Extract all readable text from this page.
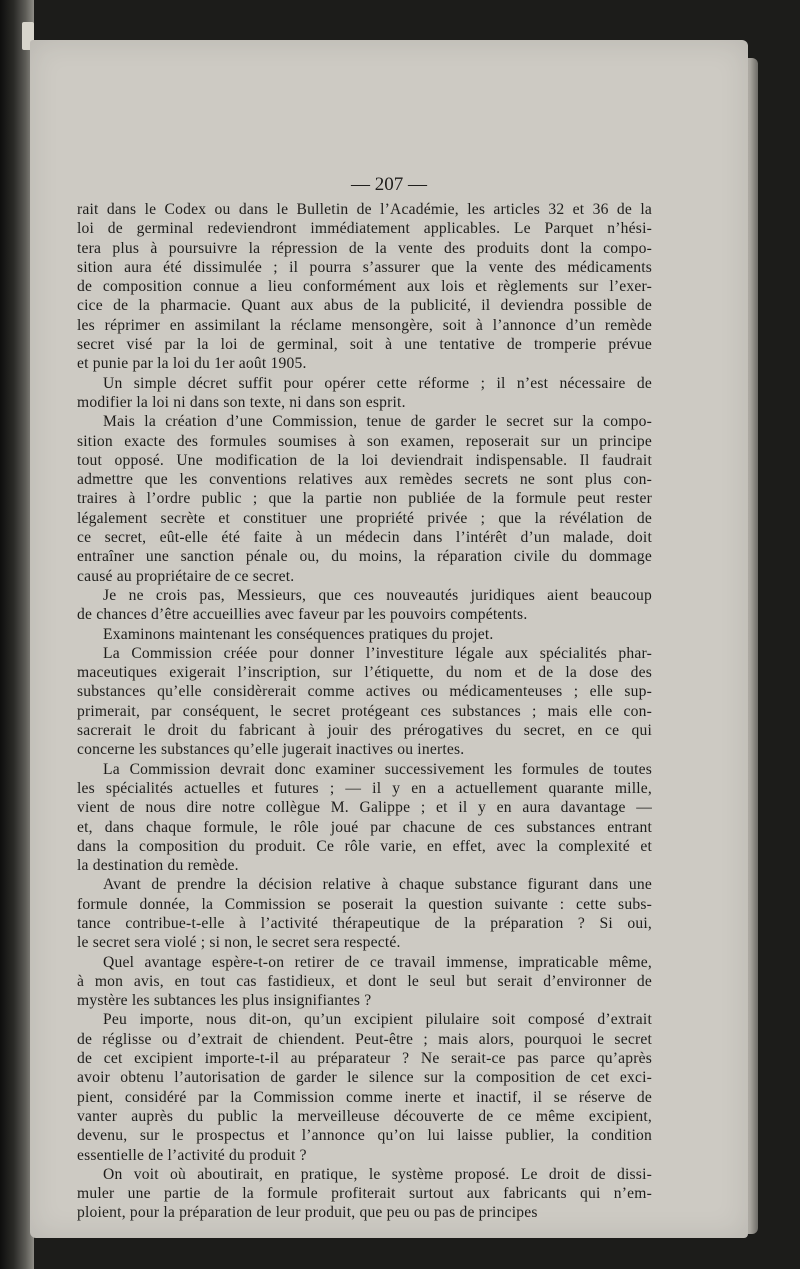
— 207 —
rait dans le Codex ou dans le Bulletin de l’Académie, les articles 32 et 36 de la
loi de germinal redeviendront immédiatement applicables. Le Parquet n’hési-
tera plus à poursuivre la répression de la vente des produits dont la compo-
sition aura été dissimulée ; il pourra s’assurer que la vente des médicaments
de composition connue a lieu conformément aux lois et règlements sur l’exer-
cice de la pharmacie. Quant aux abus de la publicité, il deviendra possible de
les réprimer en assimilant la réclame mensongère, soit à l’annonce d’un remède
secret visé par la loi de germinal, soit à une tentative de tromperie prévue
et punie par la loi du 1er août 1905.
Un simple décret suffit pour opérer cette réforme ; il n’est nécessaire de
modifier la loi ni dans son texte, ni dans son esprit.
Mais la création d’une Commission, tenue de garder le secret sur la compo-
sition exacte des formules soumises à son examen, reposerait sur un principe
tout opposé. Une modification de la loi deviendrait indispensable. Il faudrait
admettre que les conventions relatives aux remèdes secrets ne sont plus con-
traires à l’ordre public ; que la partie non publiée de la formule peut rester
légalement secrète et constituer une propriété privée ; que la révélation de
ce secret, eût-elle été faite à un médecin dans l’intérêt d’un malade, doit
entraîner une sanction pénale ou, du moins, la réparation civile du dommage
causé au propriétaire de ce secret.
Je ne crois pas, Messieurs, que ces nouveautés juridiques aient beaucoup
de chances d’être accueillies avec faveur par les pouvoirs compétents.
Examinons maintenant les conséquences pratiques du projet.
La Commission créée pour donner l’investiture légale aux spécialités phar-
maceutiques exigerait l’inscription, sur l’étiquette, du nom et de la dose des
substances qu’elle considèrerait comme actives ou médicamenteuses ; elle sup-
primerait, par conséquent, le secret protégeant ces substances ; mais elle con-
sacrerait le droit du fabricant à jouir des prérogatives du secret, en ce qui
concerne les substances qu’elle jugerait inactives ou inertes.
La Commission devrait donc examiner successivement les formules de toutes
les spécialités actuelles et futures ; — il y en a actuellement quarante mille,
vient de nous dire notre collègue M. Galippe ; et il y en aura davantage —
et, dans chaque formule, le rôle joué par chacune de ces substances entrant
dans la composition du produit. Ce rôle varie, en effet, avec la complexité et
la destination du remède.
Avant de prendre la décision relative à chaque substance figurant dans une
formule donnée, la Commission se poserait la question suivante : cette subs-
tance contribue-t-elle à l’activité thérapeutique de la préparation ? Si oui,
le secret sera violé ; si non, le secret sera respecté.
Quel avantage espère-t-on retirer de ce travail immense, impraticable même,
à mon avis, en tout cas fastidieux, et dont le seul but serait d’environner de
mystère les subtances les plus insignifiantes ?
Peu importe, nous dit-on, qu’un excipient pilulaire soit composé d’extrait
de réglisse ou d’extrait de chiendent. Peut-être ; mais alors, pourquoi le secret
de cet excipient importe-t-il au préparateur ? Ne serait-ce pas parce qu’après
avoir obtenu l’autorisation de garder le silence sur la composition de cet exci-
pient, considéré par la Commission comme inerte et inactif, il se réserve de
vanter auprès du public la merveilleuse découverte de ce même excipient,
devenu, sur le prospectus et l’annonce qu’on lui laisse publier, la condition
essentielle de l’activité du produit ?
On voit où aboutirait, en pratique, le système proposé. Le droit de dissi-
muler une partie de la formule profiterait surtout aux fabricants qui n’em-
ploient, pour la préparation de leur produit, que peu ou pas de principes
